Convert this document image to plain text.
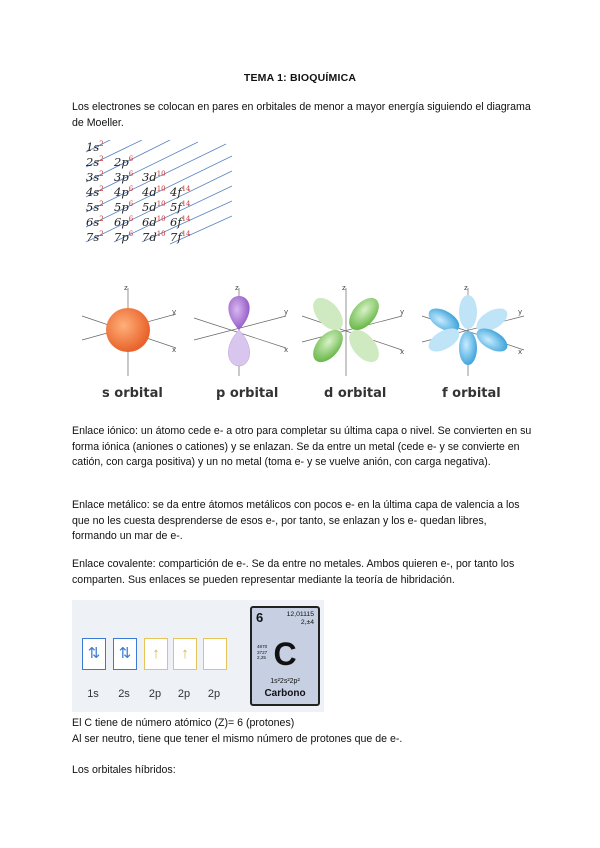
TEMA 1: BIOQUÍMICA
Los electrones se colocan en pares en orbitales de menor a mayor energía siguiendo el diagrama de Moeller.
$1s^2$
$2s^2$ $2p^6$
$3s^2$ $3p^6$ $3d^{10}$
$4s^2$ $4p^6$ $4d^{10}$ $4f^{14}$
$5s^2$ $5p^6$ $5d^{10}$ $5f^{14}$
$6s^2$ $6p^6$ $6d^{10}$ $6f^{14}$
$7s^2$ $7p^6$ $7d^{10}$ $7f^{14}$
z
y
x
z
y
x
z
y
x
z
y
x
s orbital	p orbital	d orbital	f orbital
Enlace iónico: un átomo cede e- a otro para completar su última capa o nivel. Se convierten en su forma iónica (aniones o cationes) y se enlazan. Se da entre un metal (cede e- y se convierte en catión, con carga positiva) y un no metal (toma e- y se vuelve anión, con carga negativa).
Enlace metálico: se da entre átomos metálicos con pocos e- en la última capa de valencia a los que no les cuesta desprenderse de esos e-, por tanto, se enlazan y los e- quedan libres, formando un mar de e-.
Enlace covalente: compartición de e-. Se da entre no metales. Ambos quieren e-, por tanto los comparten. Sus enlaces se pueden representar mediante la teoría de hibridación.
⇅	⇅	↑	↑
1s	2s	2p	2p	2p
6	12,01115
2,±4
4870
3727
2,25 C
1s²2s²2p²
Carbono
El C tiene de número atómico (Z)= 6 (protones)
Al ser neutro, tiene que tener el mismo número de protones que de e-.
Los orbitales híbridos:
